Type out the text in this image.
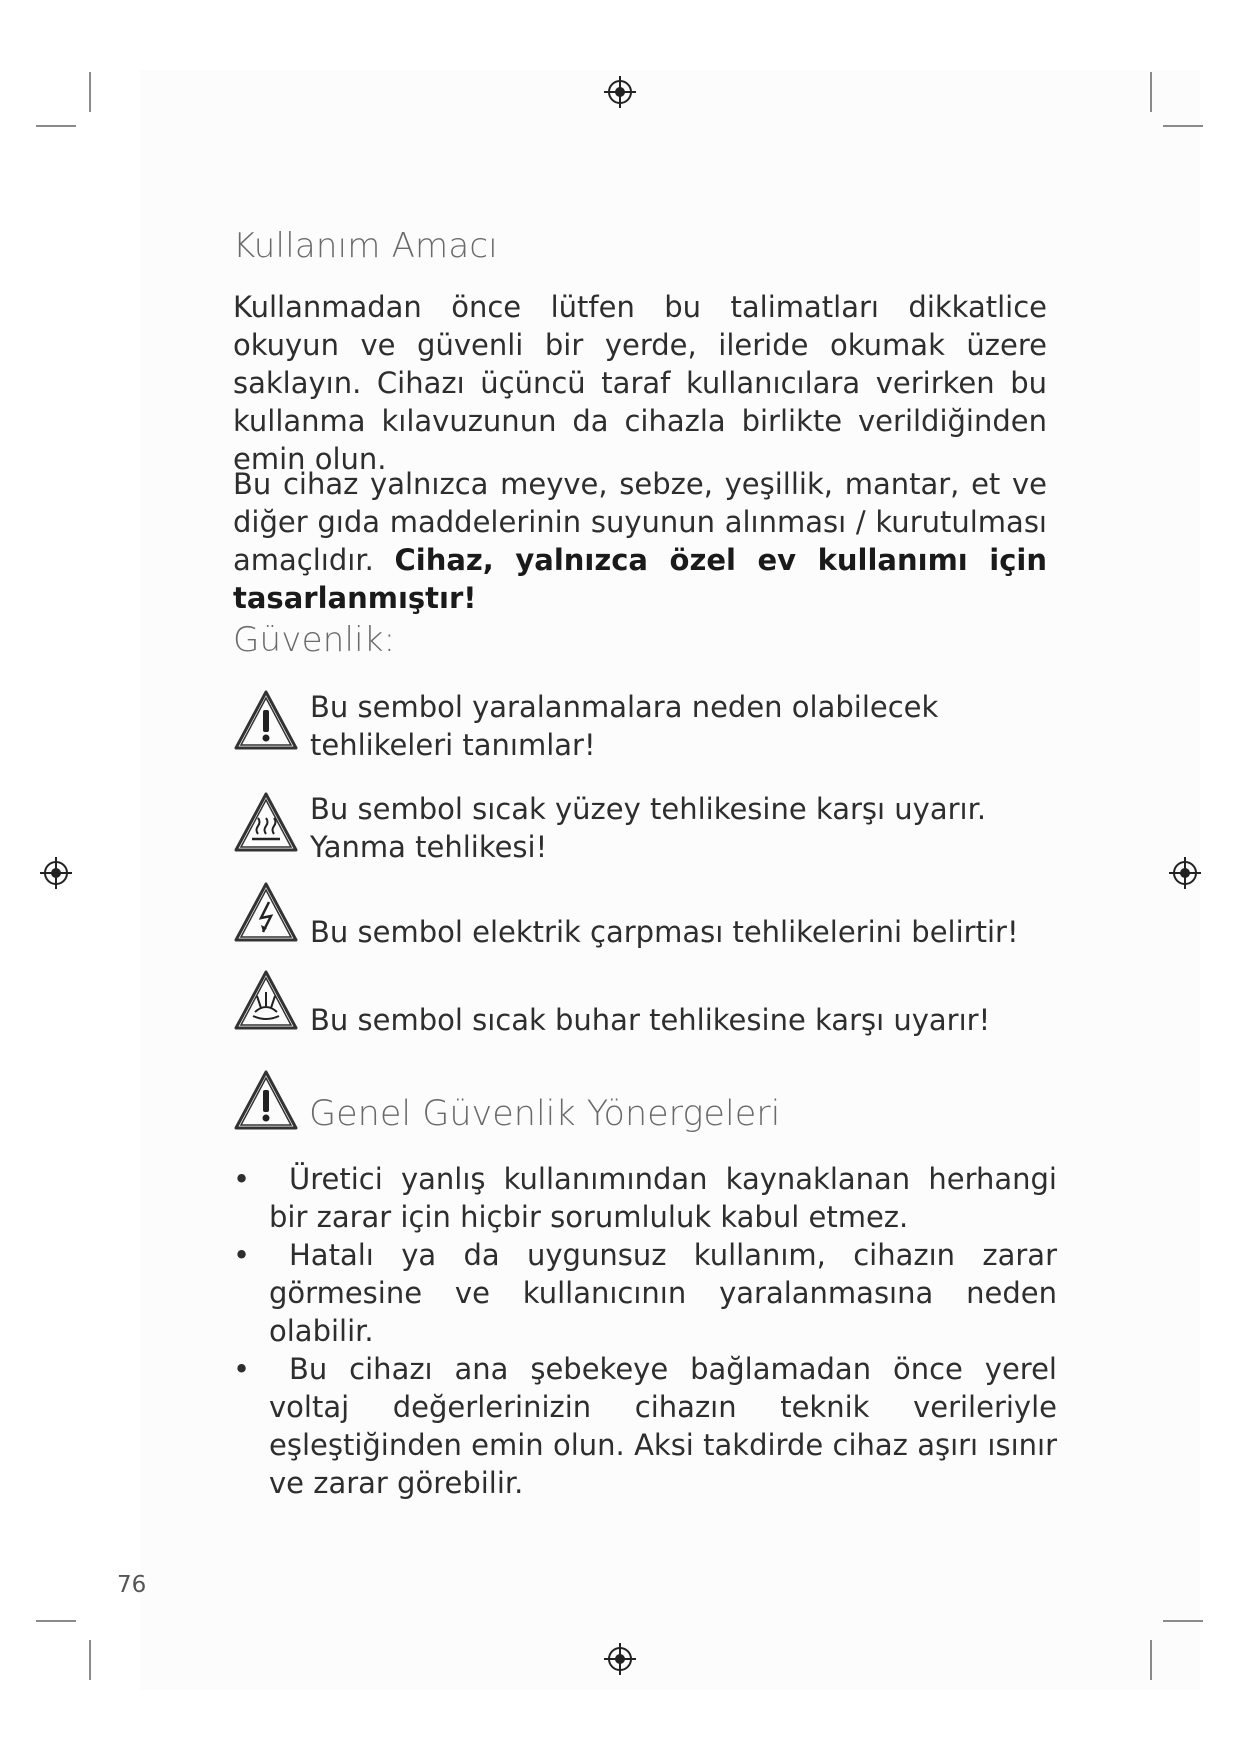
Kullanım Amacı
Kullanmadan önce lütfen bu talimatları dikkatlice okuyun ve güvenli bir yerde, ileride okumak üzere saklayın. Cihazı üçüncü taraf kullanıcılara verirken bu kullanma kılavuzunun da cihazla birlikte verildiğinden emin olun.
Bu cihaz yalnızca meyve, sebze, yeşillik, mantar, et ve diğer gıda maddelerinin suyunun alınması / kurutulması amaçlıdır. Cihaz, yalnızca özel ev kullanımı için tasarlanmıştır!
Güvenlik:
Bu sembol yaralanmalara neden olabilecek tehlikeleri tanımlar!
Bu sembol sıcak yüzey tehlikesine karşı uyarır. Yanma tehlikesi!
Bu sembol elektrik çarpması tehlikelerini belirtir!
Bu sembol sıcak buhar tehlikesine karşı uyarır!
Genel Güvenlik Yönergeleri
•	Üretici yanlış kullanımından kaynaklanan herhangi bir zarar için hiçbir sorumluluk kabul etmez.
•	Hatalı ya da uygunsuz kullanım, cihazın zarar görmesine ve kullanıcının yaralanmasına neden olabilir.
•	Bu cihazı ana şebekeye bağlamadan önce yerel voltaj değerlerinizin cihazın teknik verileriyle eşleştiğinden emin olun. Aksi takdirde cihaz aşırı ısınır ve zarar görebilir.
76
